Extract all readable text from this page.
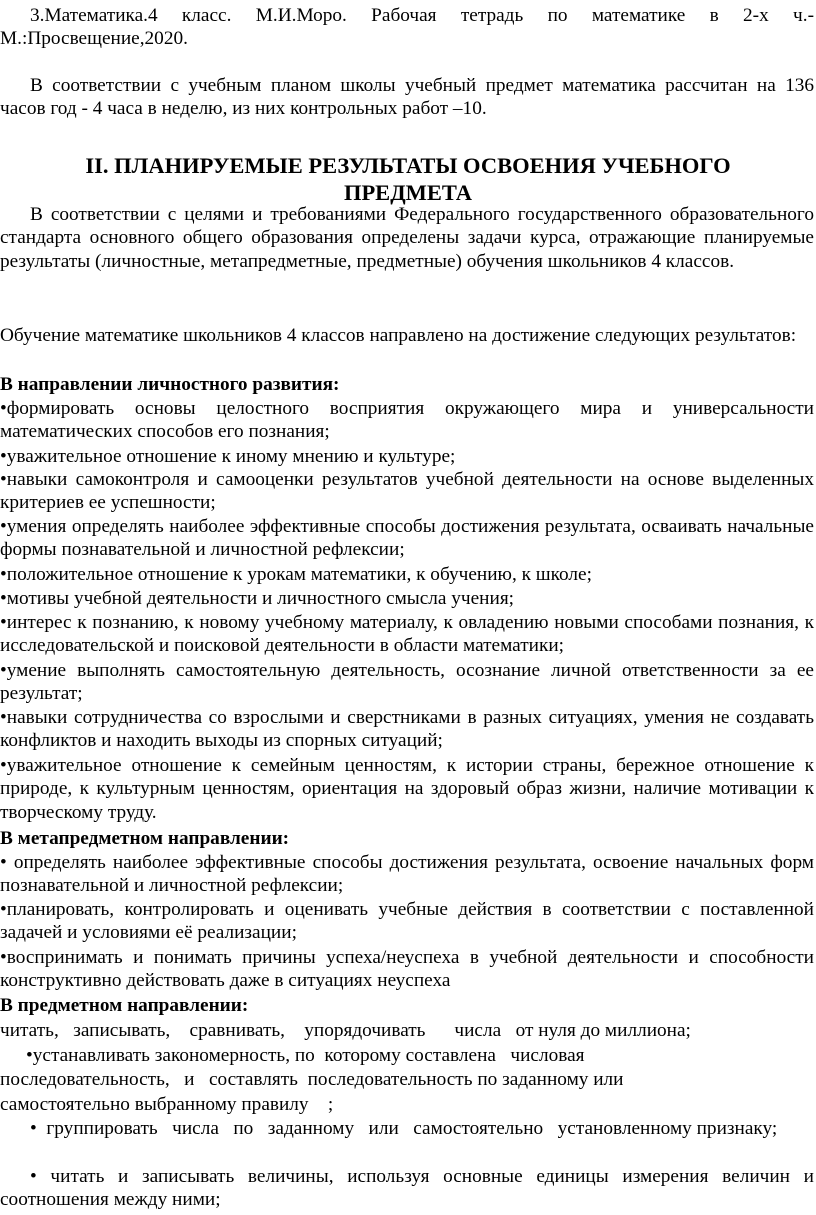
3.Математика.4 класс. М.И.Моро. Рабочая тетрадь по математике в 2-х ч.- М.:Просвещение,2020.

В соответствии с учебным планом школы учебный предмет математика рассчитан на 136 часов год - 4 часа в неделю, из них контрольных работ –10.

II. ПЛАНИРУЕМЫЕ РЕЗУЛЬТАТЫ ОСВОЕНИЯ УЧЕБНОГО ПРЕДМЕТА

В соответствии с целями и требованиями Федерального государственного образовательного стандарта основного общего образования определены задачи курса, отражающие планируемые результаты (личностные, метапредметные, предметные) обучения школьников 4 классов.

Обучение математике школьников 4 классов направлено на достижение следующих результатов:

В направлении личностного развития:

•формировать основы целостного восприятия окружающего мира и универсальности математических способов его познания;

•уважительное отношение к иному мнению и культуре;

•навыки самоконтроля и самооценки результатов учебной деятельности на основе выделенных критериев ее успешности;

•умения определять наиболее эффективные способы достижения результата, осваивать начальные формы познавательной и личностной рефлексии;

•положительное отношение к урокам математики, к обучению, к школе;

•мотивы учебной деятельности и личностного смысла учения;

•интерес к познанию, к новому учебному материалу, к овладению новыми способами познания, к исследовательской и поисковой деятельности в области математики;

•умение выполнять самостоятельную деятельность, осознание личной ответственности за ее результат;

•навыки сотрудничества со взрослыми и сверстниками в разных ситуациях, умения не создавать конфликтов и находить выходы из спорных ситуаций;

•уважительное отношение к семейным ценностям, к истории страны, бережное отношение к природе, к культурным ценностям, ориентация на здоровый образ жизни, наличие мотивации к творческому труду.

В метапредметном направлении:

• определять наиболее эффективные способы достижения результата, освоение начальных форм познавательной и личностной рефлексии;

•планировать, контролировать и оценивать учебные действия в соответствии с поставленной задачей и условиями её реализации;

•воспринимать и понимать причины успеха/неуспеха в учебной деятельности и способности конструктивно действовать даже в ситуациях неуспеха

В предметном направлении:

читать,   записывать,    сравнивать,    упорядочивать      числа   от нуля до миллиона;

•устанавливать закономерность, по  которому составлена   числовая

последовательность,   и   составлять  последовательность по заданному или

самостоятельно выбранному правилу    ;

•  группировать   числа   по   заданному   или   самостоятельно   установленному признаку;

• читать и записывать величины, используя основные единицы измерения величин и соотношения между ними;
